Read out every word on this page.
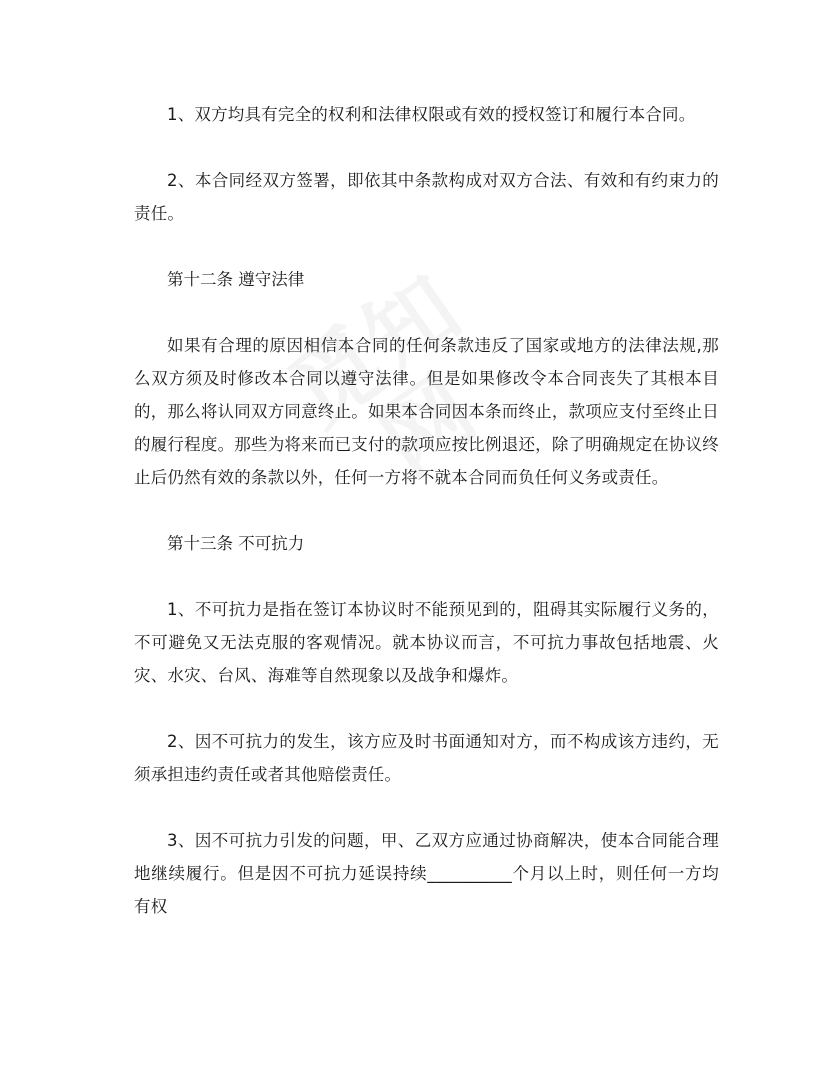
1、双方均具有完全的权利和法律权限或有效的授权签订和履行本合同。

2、本合同经双方签署，即依其中条款构成对双方合法、有效和有约束力的责任。

第十二条 遵守法律

如果有合理的原因相信本合同的任何条款违反了国家或地方的法律法规,那么双方须及时修改本合同以遵守法律。但是如果修改令本合同丧失了其根本目的，那么将认同双方同意终止。如果本合同因本条而终止，款项应支付至终止日的履行程度。那些为将来而已支付的款项应按比例退还，除了明确规定在协议终止后仍然有效的条款以外，任何一方将不就本合同而负任何义务或责任。

第十三条 不可抗力

1、不可抗力是指在签订本协议时不能预见到的，阻碍其实际履行义务的，不可避免又无法克服的客观情况。就本协议而言，不可抗力事故包括地震、火灾、水灾、台风、海难等自然现象以及战争和爆炸。

2、因不可抗力的发生，该方应及时书面通知对方，而不构成该方违约，无须承担违约责任或者其他赔偿责任。

3、因不可抗力引发的问题，甲、乙双方应通过协商解决，使本合同能合理地继续履行。但是因不可抗力延误持续__________个月以上时，则任何一方均有权
